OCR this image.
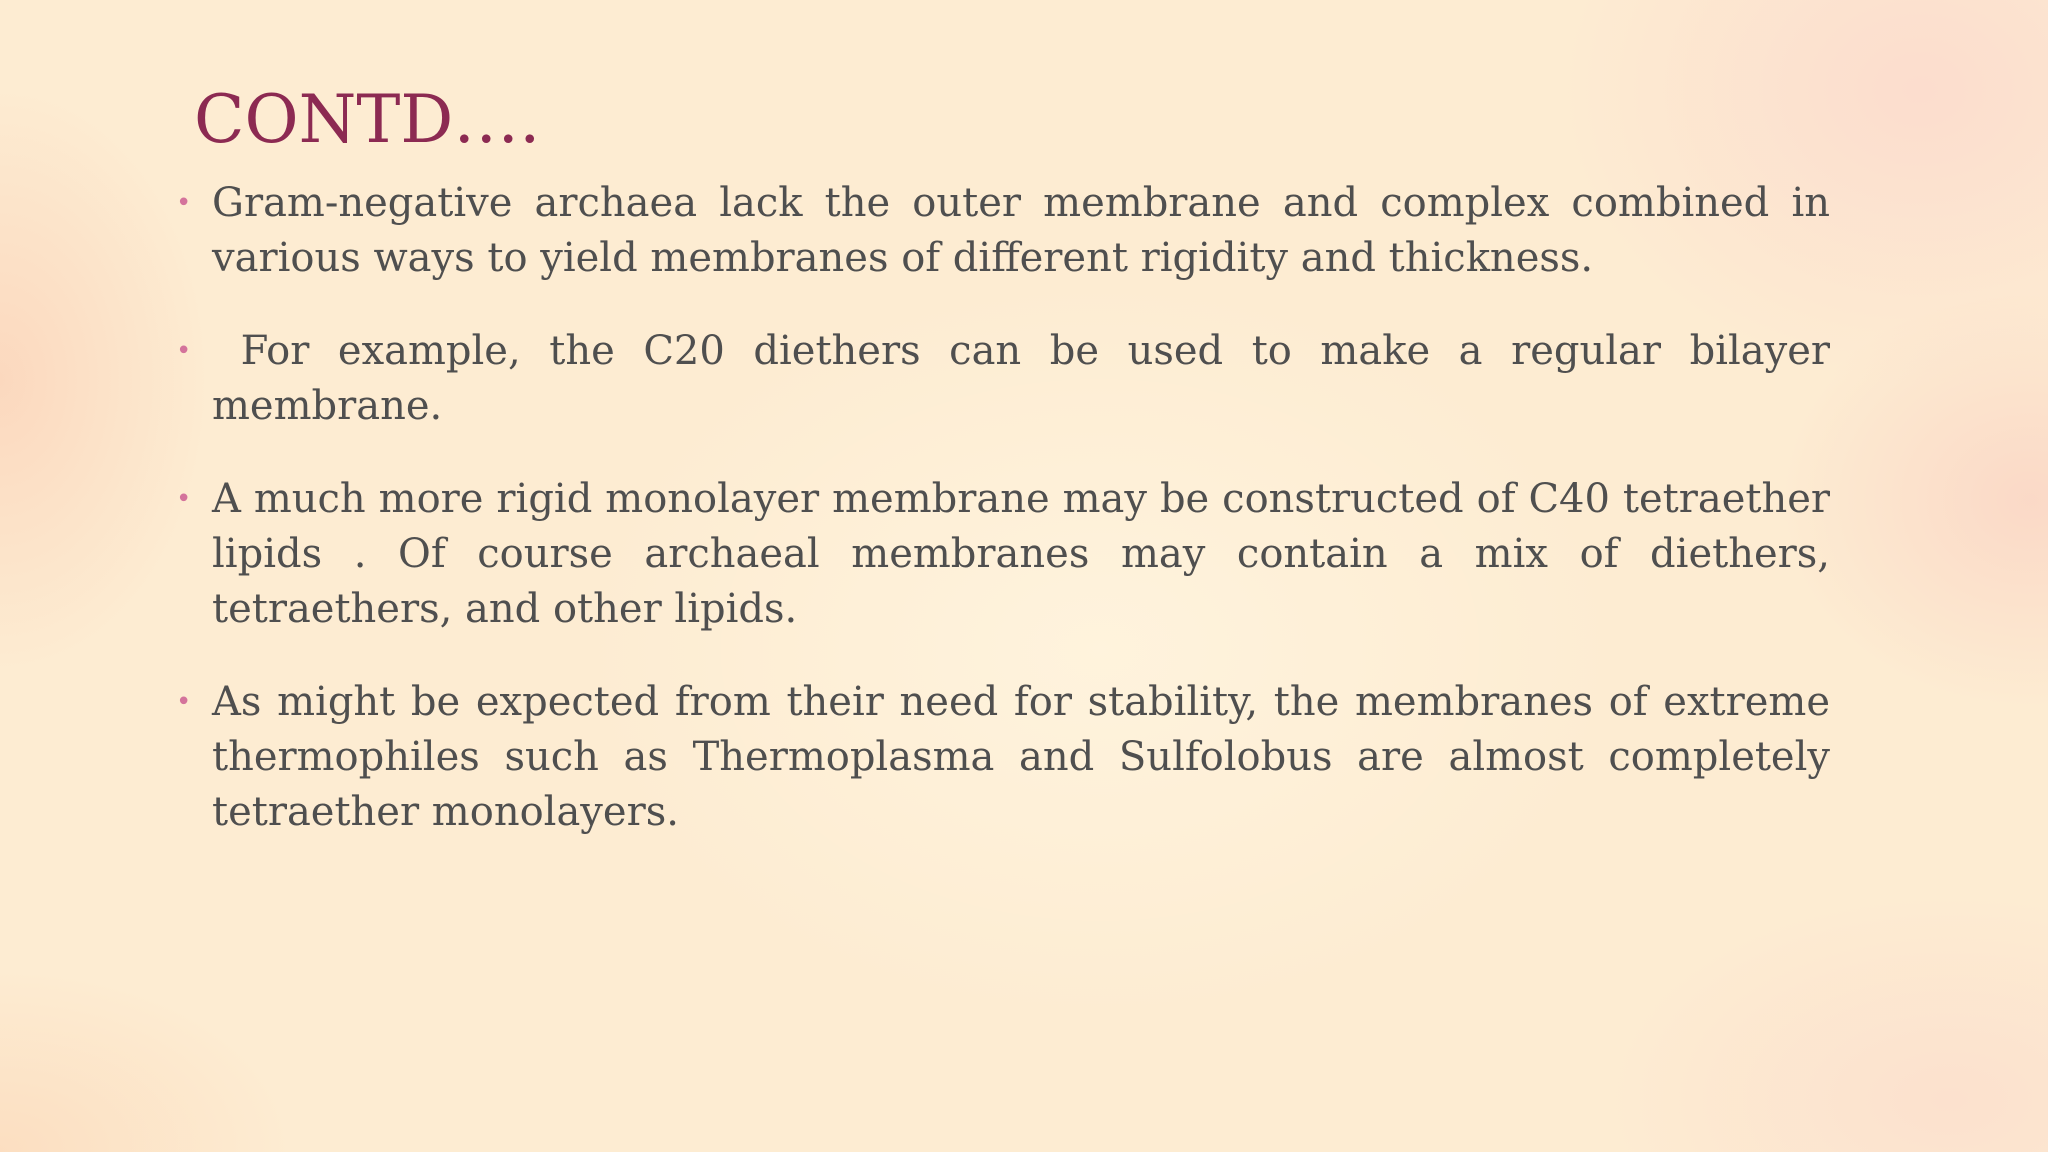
CONTD….
• Gram-negative archaea lack the outer membrane and complex combined in various ways to yield membranes of different rigidity and thickness.
• For example, the C20 diethers can be used to make a regular bilayer membrane.
• A much more rigid monolayer membrane may be constructed of C40 tetraether lipids . Of course archaeal membranes may contain a mix of diethers, tetraethers, and other lipids.
• As might be expected from their need for stability, the membranes of extreme thermophiles such as Thermoplasma and Sulfolobus are almost completely tetraether monolayers.
